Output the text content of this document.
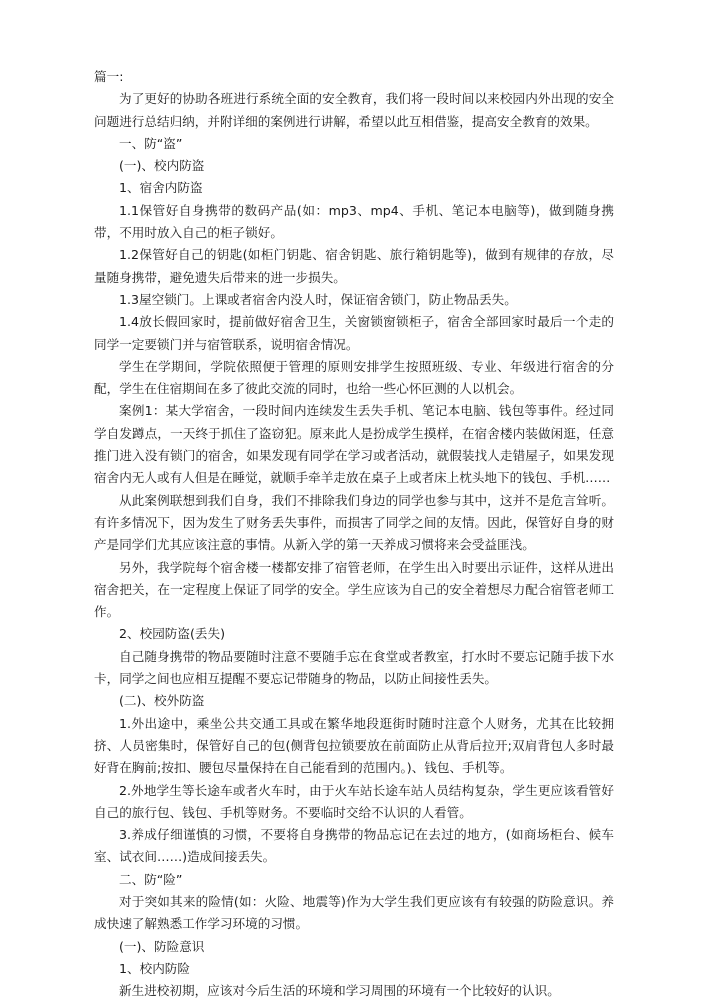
篇一:

为了更好的协助各班进行系统全面的安全教育，我们将一段时间以来校园内外出现的安全问题进行总结归纳，并附详细的案例进行讲解，希望以此互相借鉴，提高安全教育的效果。

一、防“盗”

(一)、校内防盗

1、宿舍内防盗

1.1保管好自身携带的数码产品(如：mp3、mp4、手机、笔记本电脑等)，做到随身携带，不用时放入自己的柜子锁好。

1.2保管好自己的钥匙(如柜门钥匙、宿舍钥匙、旅行箱钥匙等)，做到有规律的存放，尽量随身携带，避免遗失后带来的进一步损失。

1.3屋空锁门。上课或者宿舍内没人时，保证宿舍锁门，防止物品丢失。

1.4放长假回家时，提前做好宿舍卫生，关窗锁窗锁柜子，宿舍全部回家时最后一个走的同学一定要锁门并与宿管联系，说明宿舍情况。

学生在学期间，学院依照便于管理的原则安排学生按照班级、专业、年级进行宿舍的分配，学生在住宿期间在多了彼此交流的同时，也给一些心怀叵测的人以机会。

案例1：某大学宿舍，一段时间内连续发生丢失手机、笔记本电脑、钱包等事件。经过同学自发蹲点，一天终于抓住了盗窃犯。原来此人是扮成学生摸样，在宿舍楼内装做闲逛，任意推门进入没有锁门的宿舍，如果发现有同学在学习或者活动，就假装找人走错屋子，如果发现宿舍内无人或有人但是在睡觉，就顺手牵羊走放在桌子上或者床上枕头地下的钱包、手机……

从此案例联想到我们自身，我们不排除我们身边的同学也参与其中，这并不是危言耸听。有许多情况下，因为发生了财务丢失事件，而损害了同学之间的友情。因此，保管好自身的财产是同学们尤其应该注意的事情。从新入学的第一天养成习惯将来会受益匪浅。

另外，我学院每个宿舍楼一楼都安排了宿管老师，在学生出入时要出示证件，这样从进出宿舍把关，在一定程度上保证了同学的安全。学生应该为自己的安全着想尽力配合宿管老师工作。

2、校园防盗(丢失)

自己随身携带的物品要随时注意不要随手忘在食堂或者教室，打水时不要忘记随手拔下水卡，同学之间也应相互提醒不要忘记带随身的物品，以防止间接性丢失。

(二)、校外防盗

1.外出途中，乘坐公共交通工具或在繁华地段逛街时随时注意个人财务，尤其在比较拥挤、人员密集时，保管好自己的包(侧背包拉锁要放在前面防止从背后拉开;双肩背包人多时最好背在胸前;按扣、腰包尽量保持在自己能看到的范围内。)、钱包、手机等。

2.外地学生等长途车或者火车时，由于火车站长途车站人员结构复杂，学生更应该看管好自己的旅行包、钱包、手机等财务。不要临时交给不认识的人看管。

3.养成仔细谨慎的习惯，不要将自身携带的物品忘记在去过的地方，(如商场柜台、候车室、试衣间……)造成间接丢失。

二、防“险”

对于突如其来的险情(如：火险、地震等)作为大学生我们更应该有有较强的防险意识。养成快速了解熟悉工作学习环境的习惯。

(一)、防险意识

1、校内防险

新生进校初期，应该对今后生活的环境和学习周围的环境有一个比较好的认识。
